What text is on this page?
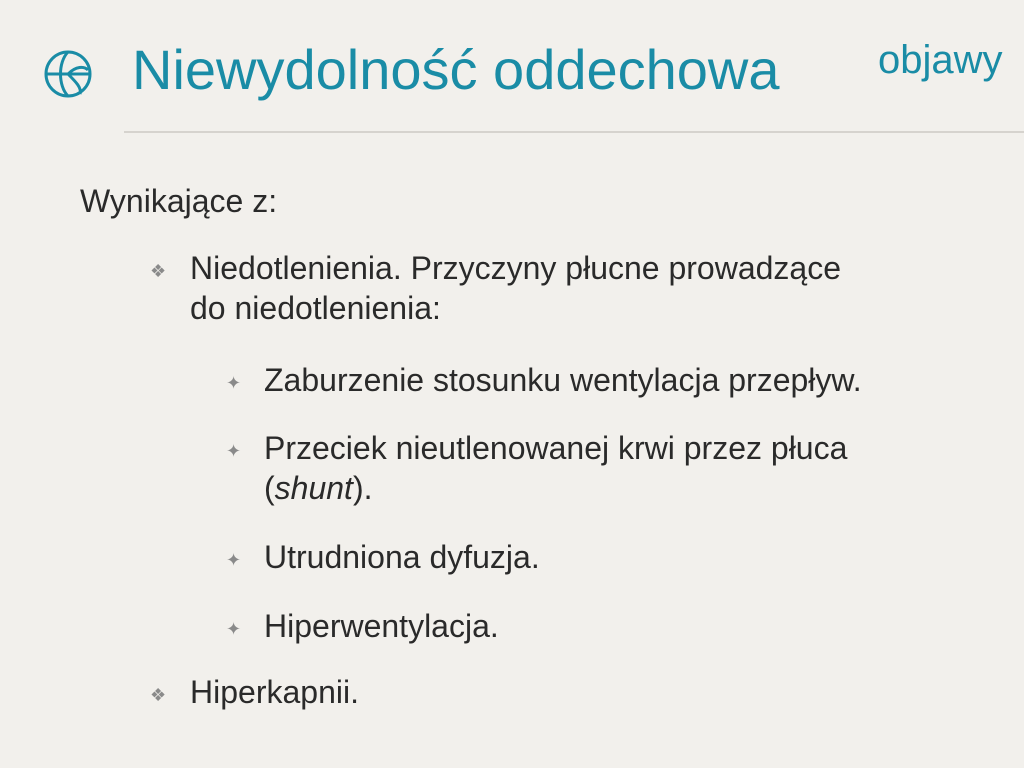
Niewydolność oddechowa objawy
Wynikające z:
❖ Niedotlenienia. Przyczyny płucne prowadzące
do niedotlenienia:
✦ Zaburzenie stosunku wentylacja przepływ.
✦ Przeciek nieutlenowanej krwi przez płuca
(shunt).
✦ Utrudniona dyfuzja.
✦ Hiperwentylacja.
❖ Hiperkapnii.
